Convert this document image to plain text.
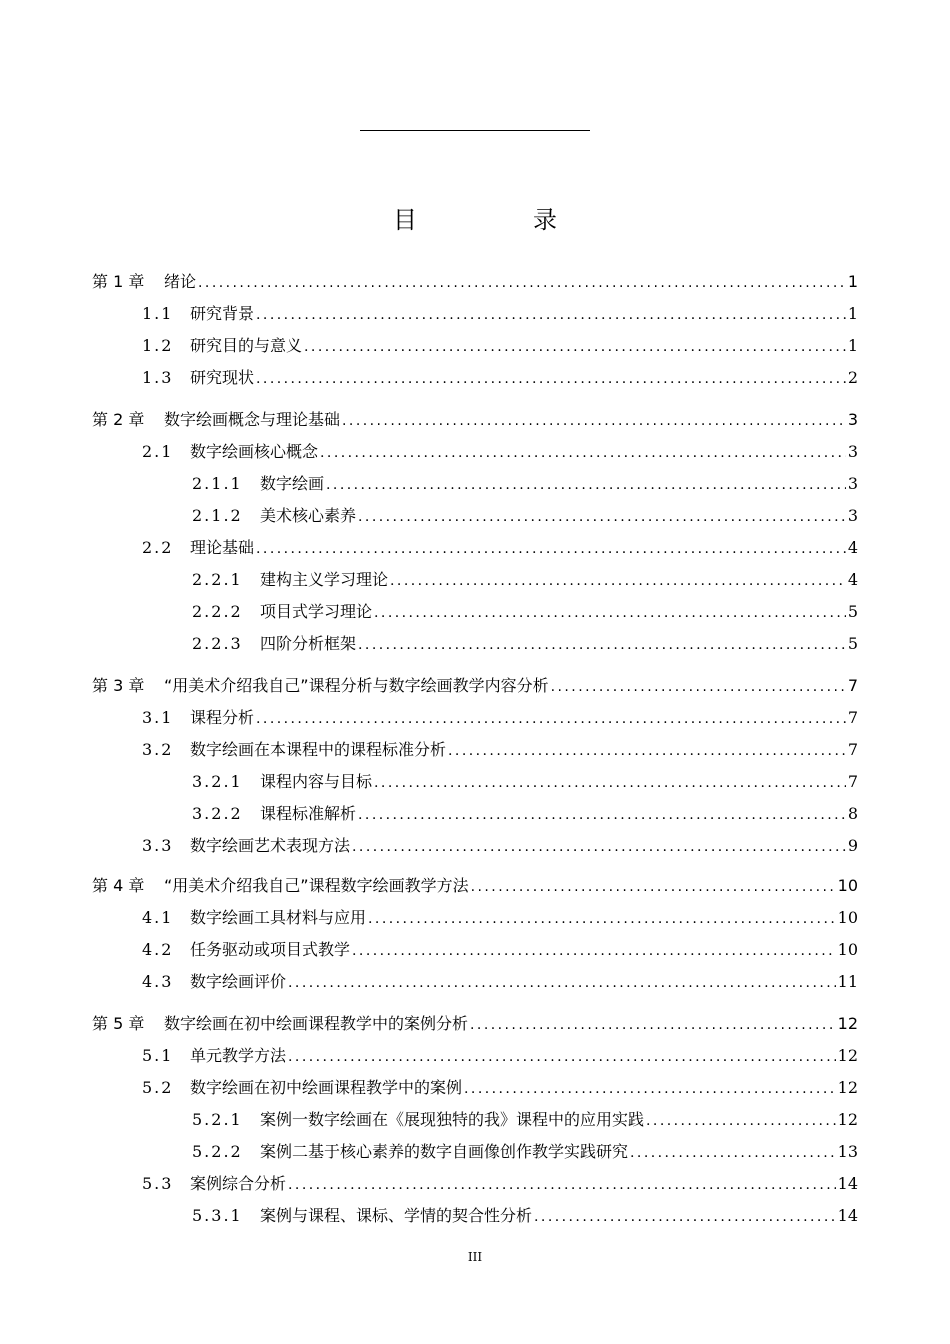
目　录
第 1 章	绪论 . . .	1
1.1	研究背景 . . .	1
1.2	研究目的与意义 . . .	1
1.3	研究现状 . . .	2
第 2 章	数字绘画概念与理论基础 . . .	3
2.1	数字绘画核心概念 . . .	3
2.1.1	数字绘画 . . .	3
2.1.2	美术核心素养 . . .	3
2.2	理论基础 . . .	4
2.2.1	建构主义学习理论 . . .	4
2.2.2	项目式学习理论 . . .	5
2.2.3	四阶分析框架 . . .	5
第 3 章	“用美术介绍我自己”课程分析与数字绘画教学内容分析 . . .	7
3.1	课程分析 . . .	7
3.2	数字绘画在本课程中的课程标准分析 . . .	7
3.2.1	课程内容与目标 . . .	7
3.2.2	课程标准解析 . . .	8
3.3	数字绘画艺术表现方法 . . .	9
第 4 章	“用美术介绍我自己”课程数字绘画教学方法 . . .	10
4.1	数字绘画工具材料与应用 . . .	10
4.2	任务驱动或项目式教学 . . .	10
4.3	数字绘画评价 . . .	11
第 5 章	数字绘画在初中绘画课程教学中的案例分析 . . .	12
5.1	单元教学方法 . . .	12
5.2	数字绘画在初中绘画课程教学中的案例 . . .	12
5.2.1	案例一数字绘画在《展现独特的我》课程中的应用实践 . . .	12
5.2.2	案例二基于核心素养的数字自画像创作教学实践研究 . . .	13
5.3	案例综合分析 . . .	14
5.3.1	案例与课程、课标、学情的契合性分析 . . .	14
III
